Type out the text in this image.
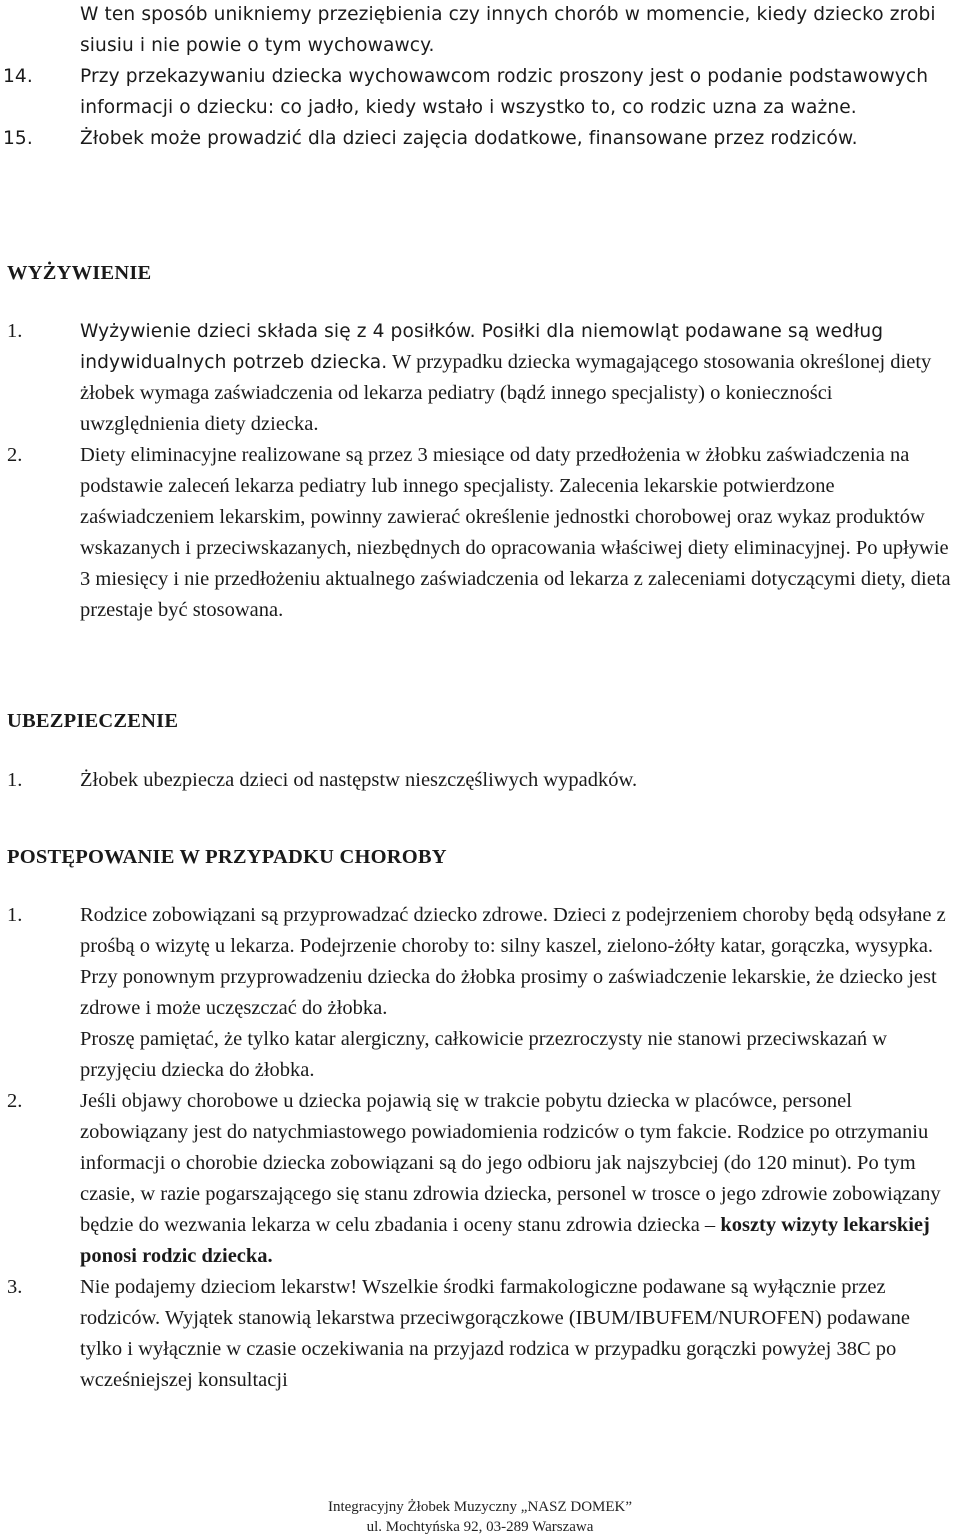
W ten sposób unikniemy przeziębienia czy innych chorób w momencie, kiedy dziecko zrobi siusiu i nie powie o tym wychowawcy.
14.	Przy przekazywaniu dziecka wychowawcom rodzic proszony jest o podanie podstawowych informacji o dziecku: co jadło, kiedy wstało i wszystko to, co rodzic uzna za ważne.
15.	Żłobek może prowadzić dla dzieci zajęcia dodatkowe, finansowane przez rodziców.
WYŻYWIENIE
1.	Wyżywienie dzieci składa się z 4 posiłków. Posiłki dla niemowląt podawane są według indywidualnych potrzeb dziecka. W przypadku dziecka wymagającego stosowania określonej diety żłobek wymaga zaświadczenia od lekarza pediatry (bądź innego specjalisty) o konieczności uwzględnienia diety dziecka.
2.	Diety eliminacyjne realizowane są przez 3 miesiące od daty przedłożenia w żłobku zaświadczenia na podstawie zaleceń lekarza pediatry lub innego specjalisty. Zalecenia lekarskie potwierdzone zaświadczeniem lekarskim, powinny zawierać określenie jednostki chorobowej oraz wykaz produktów wskazanych i przeciwskazanych, niezbędnych do opracowania właściwej diety eliminacyjnej. Po upływie 3 miesięcy i nie przedłożeniu aktualnego zaświadczenia od lekarza z zaleceniami dotyczącymi diety, dieta przestaje być stosowana.
UBEZPIECZENIE
1.	Żłobek ubezpiecza dzieci od następstw nieszczęśliwych wypadków.
POSTĘPOWANIE W PRZYPADKU CHOROBY
1.	Rodzice zobowiązani są przyprowadzać dziecko zdrowe. Dzieci z podejrzeniem choroby będą odsyłane z prośbą o wizytę u lekarza. Podejrzenie choroby to: silny kaszel, zielono-żółty katar, gorączka, wysypka. Przy ponownym przyprowadzeniu dziecka do żłobka prosimy o zaświadczenie lekarskie, że dziecko jest zdrowe i może uczęszczać do żłobka.
Proszę pamiętać, że tylko katar alergiczny, całkowicie przezroczysty nie stanowi przeciwskazań w przyjęciu dziecka do żłobka.
2.	Jeśli objawy chorobowe u dziecka pojawią się w trakcie pobytu dziecka w placówce, personel zobowiązany jest do natychmiastowego powiadomienia rodziców o tym fakcie. Rodzice po otrzymaniu informacji o chorobie dziecka zobowiązani są do jego odbioru jak najszybciej (do 120 minut). Po tym czasie, w razie pogarszającego się stanu zdrowia dziecka, personel w trosce o jego zdrowie zobowiązany będzie do wezwania lekarza w celu zbadania i oceny stanu zdrowia dziecka – koszty wizyty lekarskiej ponosi rodzic dziecka.
3.	Nie podajemy dzieciom lekarstw! Wszelkie środki farmakologiczne podawane są wyłącznie przez rodziców. Wyjątek stanowią lekarstwa przeciwgorączkowe (IBUM/IBUFEM/NUROFEN) podawane tylko i wyłącznie w czasie oczekiwania na przyjazd rodzica w przypadku gorączki powyżej 38C po wcześniejszej konsultacji
Integracyjny Żłobek Muzyczny „NASZ DOMEK”
ul. Mochtyńska 92, 03-289 Warszawa
